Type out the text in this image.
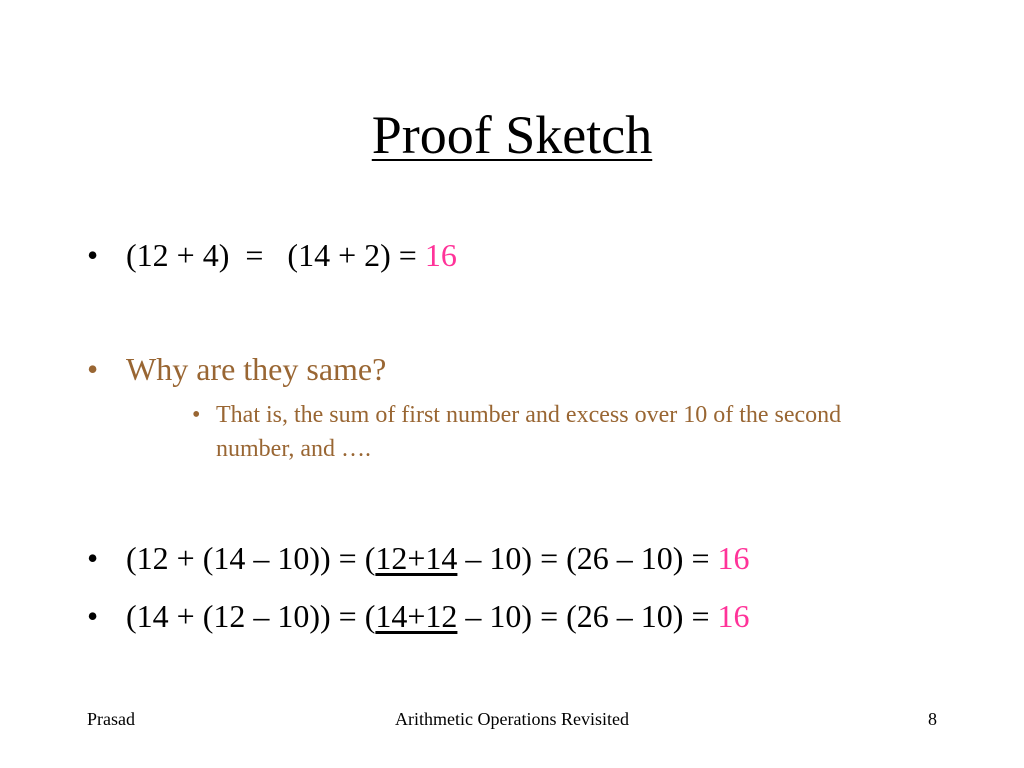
Proof Sketch
• (12 + 4)  =   (14 + 2) = 16
• Why are they same?
• That is, the sum of first number and excess over 10 of the second number, and ….
• (12 + (14 – 10)) = (12+14 – 10) = (26 – 10) = 16
• (14 + (12 – 10)) = (14+12 – 10) = (26 – 10) = 16
Prasad	Arithmetic Operations Revisited	8
